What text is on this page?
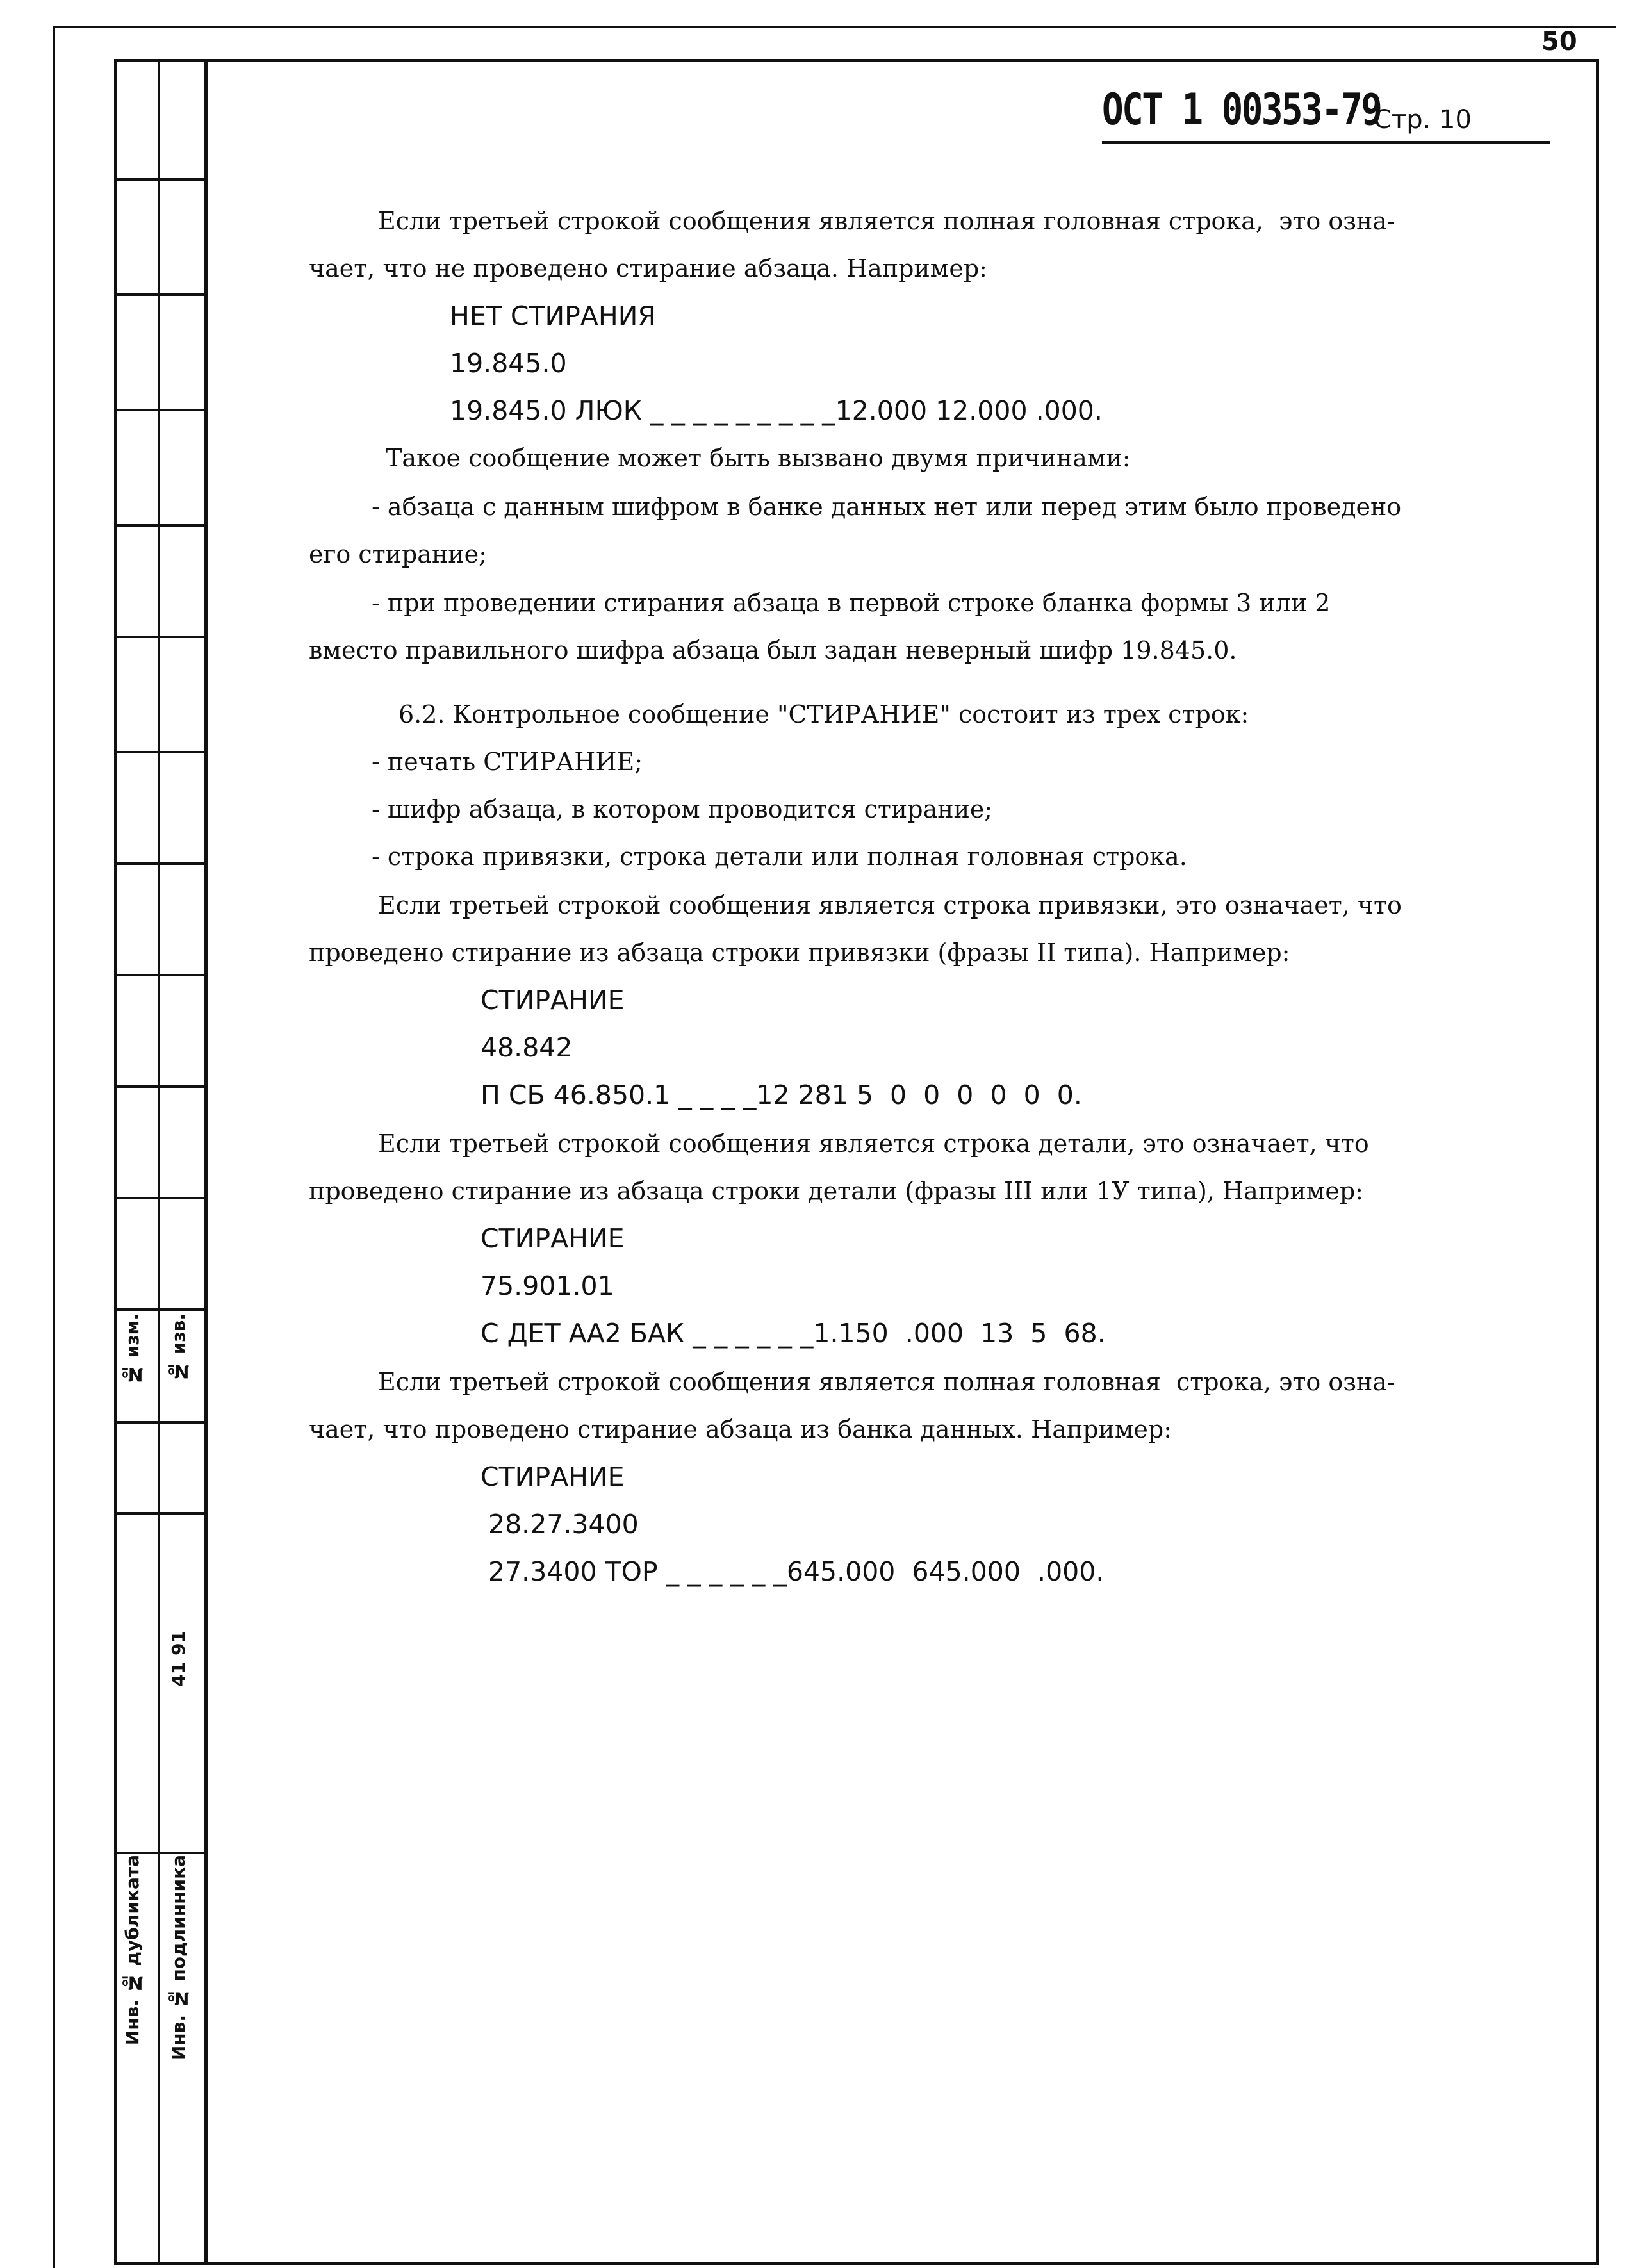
50
№ изм. № изв.
41 91
Инв. № дубликата Инв. № подлинника
ОСТ 1 00353-79
Стр. 10
Если третьей строкой сообщения является полная головная строка,  это озна-
чает, что не проведено стирание абзаца. Например:
НЕТ СТИРАНИЯ
19.845.0
19.845.0 ЛЮК _ _ _ _ _ _ _ _ _12.000 12.000 .000.
Такое сообщение может быть вызвано двумя причинами:
- абзаца с данным шифром в банке данных нет или перед этим было проведено
его стирание;
- при проведении стирания абзаца в первой строке бланка формы 3 или 2
вместо правильного шифра абзаца был задан неверный шифр 19.845.0.
6.2. Контрольное сообщение "СТИРАНИЕ" состоит из трех строк:
- печать СТИРАНИЕ;
- шифр абзаца, в котором проводится стирание;
- строка привязки, строка детали или полная головная строка.
Если третьей строкой сообщения является строка привязки, это означает, что
проведено стирание из абзаца строки привязки (фразы II типа). Например:
СТИРАНИЕ
48.842
П СБ 46.850.1 _ _ _ _12 281 5  0  0  0  0  0  0.
Если третьей строкой сообщения является строка детали, это означает, что
проведено стирание из абзаца строки детали (фразы III или 1У типа), Например:
СТИРАНИЕ
75.901.01
С ДЕТ АА2 БАК _ _ _ _ _ _1.150  .000  13  5  68.
Если третьей строкой сообщения является полная головная  строка, это озна-
чает, что проведено стирание абзаца из банка данных. Например:
СТИРАНИЕ
28.27.3400
27.3400 ТОР _ _ _ _ _ _645.000  645.000  .000.
